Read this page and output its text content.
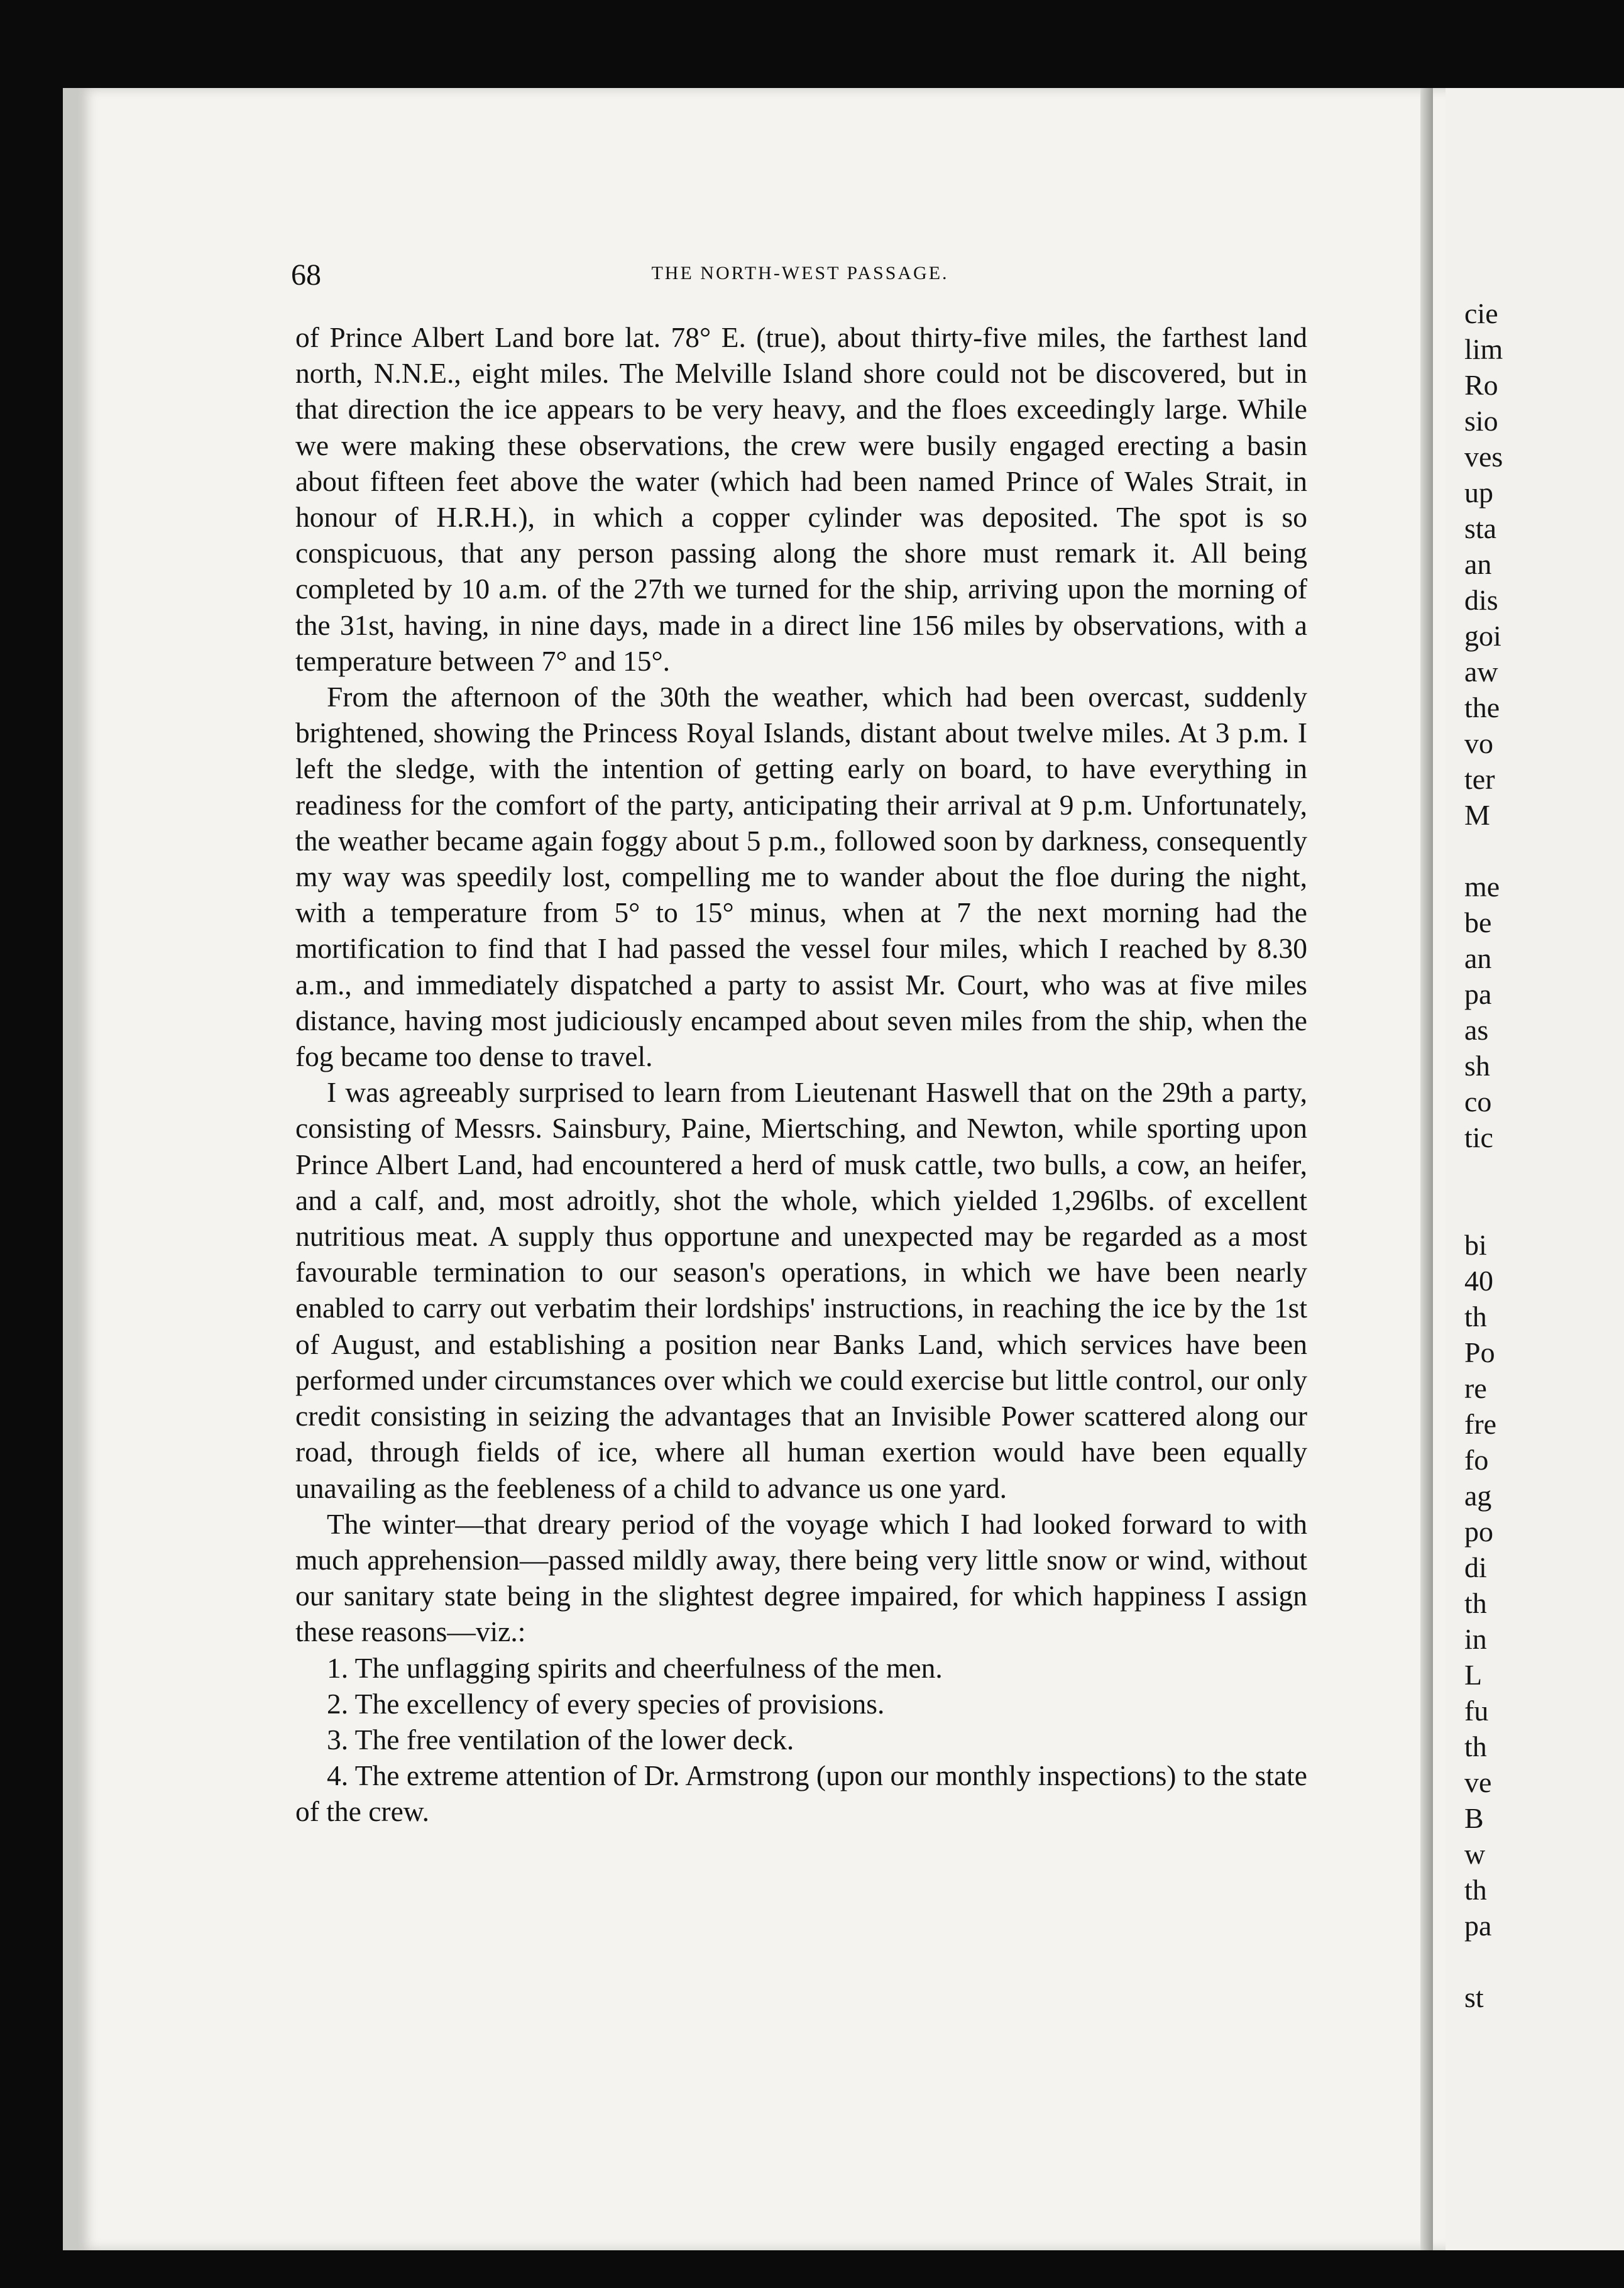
68	THE NORTH-WEST PASSAGE.

of Prince Albert Land bore lat. 78° E. (true), about thirty-five miles, the farthest land north, N.N.E., eight miles. The Melville Island shore could not be discovered, but in that direction the ice appears to be very heavy, and the floes exceedingly large. While we were making these observations, the crew were busily engaged erecting a basin about fifteen feet above the water (which had been named Prince of Wales Strait, in honour of H.R.H.), in which a copper cylinder was deposited. The spot is so conspicuous, that any person passing along the shore must remark it. All being completed by 10 a.m. of the 27th we turned for the ship, arriving upon the morning of the 31st, having, in nine days, made in a direct line 156 miles by observations, with a temperature between 7° and 15°.

From the afternoon of the 30th the weather, which had been overcast, suddenly brightened, showing the Princess Royal Islands, distant about twelve miles. At 3 p.m. I left the sledge, with the intention of getting early on board, to have everything in readiness for the comfort of the party, anticipating their arrival at 9 p.m. Unfortunately, the weather became again foggy about 5 p.m., followed soon by darkness, consequently my way was speedily lost, compelling me to wander about the floe during the night, with a temperature from 5° to 15° minus, when at 7 the next morning had the mortification to find that I had passed the vessel four miles, which I reached by 8.30 a.m., and immediately dispatched a party to assist Mr. Court, who was at five miles distance, having most judiciously encamped about seven miles from the ship, when the fog became too dense to travel.

I was agreeably surprised to learn from Lieutenant Haswell that on the 29th a party, consisting of Messrs. Sainsbury, Paine, Miertsching, and Newton, while sporting upon Prince Albert Land, had encountered a herd of musk cattle, two bulls, a cow, an heifer, and a calf, and, most adroitly, shot the whole, which yielded 1,296lbs. of excellent nutritious meat. A supply thus opportune and unexpected may be regarded as a most favourable termination to our season's operations, in which we have been nearly enabled to carry out verbatim their lordships' instructions, in reaching the ice by the 1st of August, and establishing a position near Banks Land, which services have been performed under circumstances over which we could exercise but little control, our only credit consisting in seizing the advantages that an Invisible Power scattered along our road, through fields of ice, where all human exertion would have been equally unavailing as the feebleness of a child to advance us one yard.

The winter—that dreary period of the voyage which I had looked forward to with much apprehension—passed mildly away, there being very little snow or wind, without our sanitary state being in the slightest degree impaired, for which happiness I assign these reasons—viz.:

1. The unflagging spirits and cheerfulness of the men.
2. The excellency of every species of provisions.
3. The free ventilation of the lower deck.
4. The extreme attention of Dr. Armstrong (upon our monthly inspections) to the state of the crew.
cie
lim
Ro
sio
ves
up
sta
an
dis
goi
aw
the
vo
ter
M
me
be
an
pa
as
sh
co
tic
bi
40
th
Po
re
fre
fo
ag
po
di
th
in
L
fu
th
ve
B
w
th
pa
st
